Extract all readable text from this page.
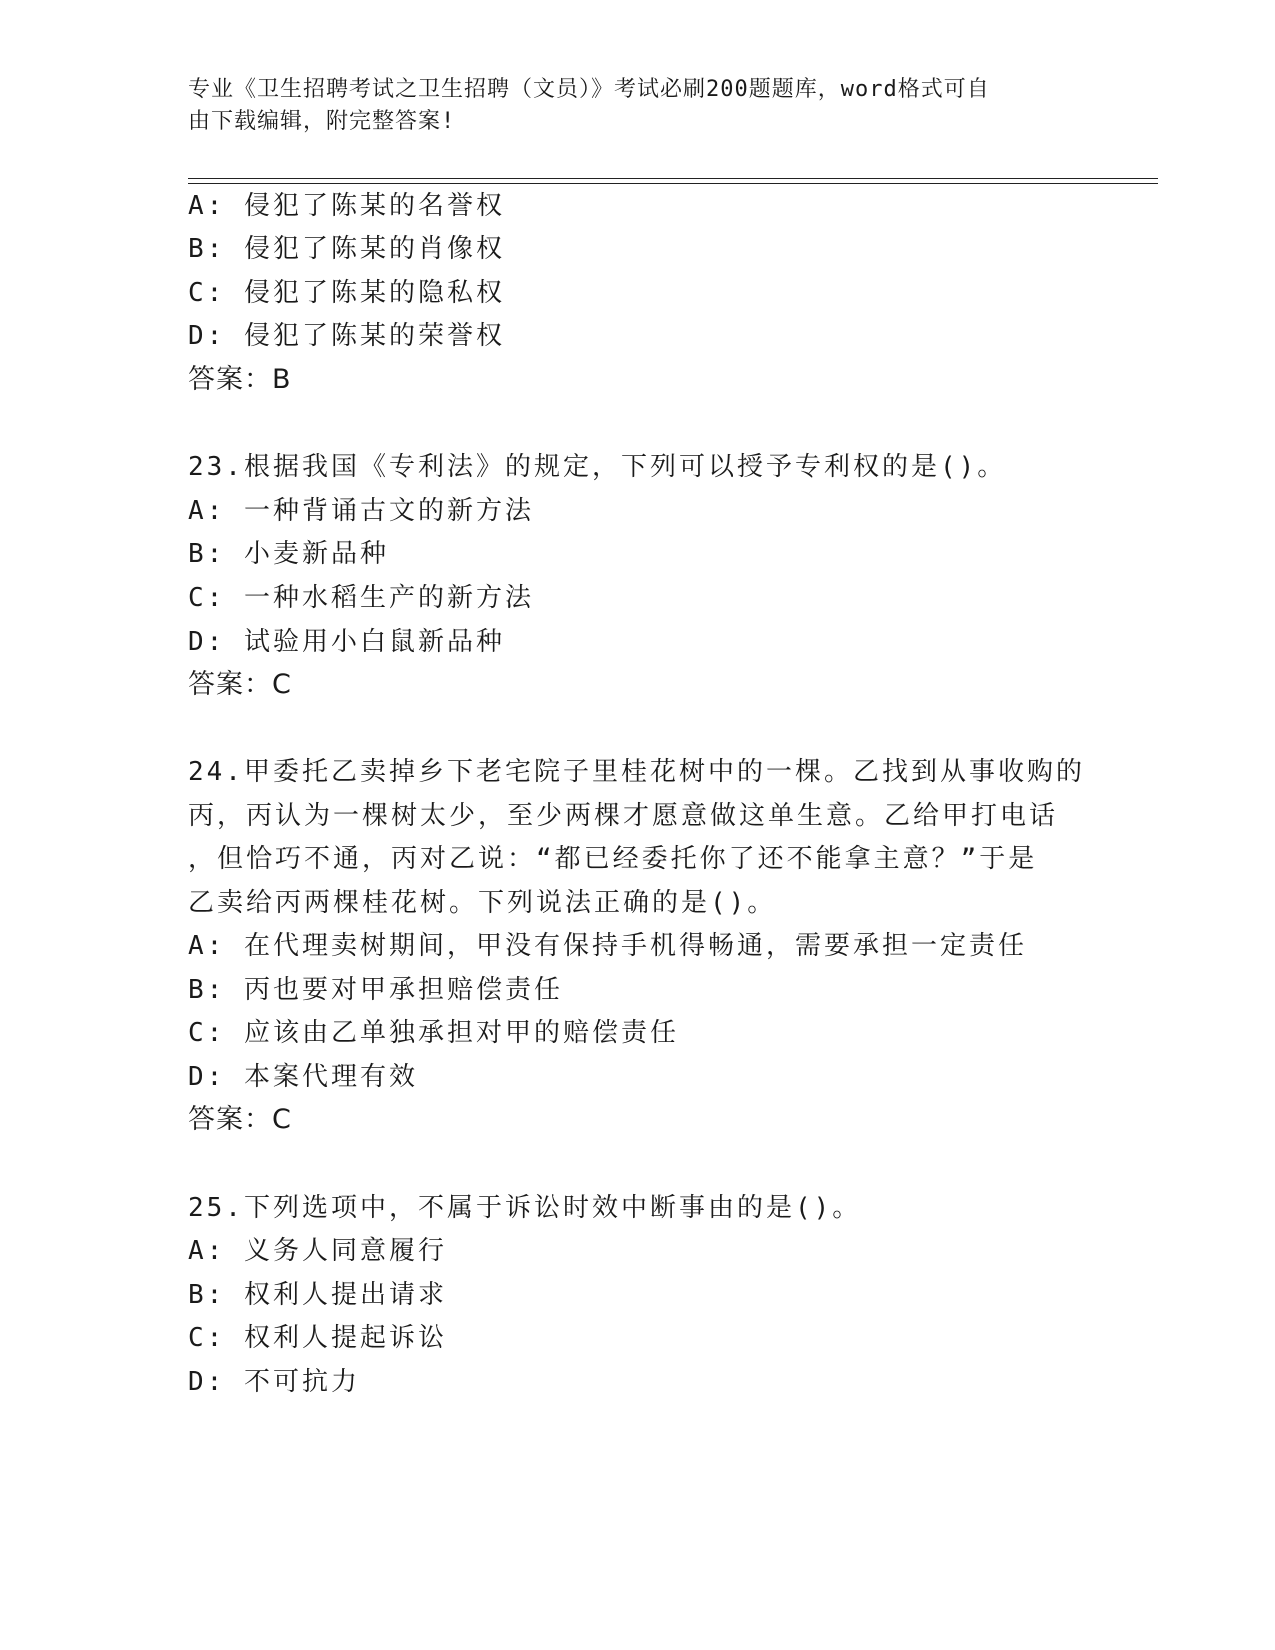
专业《卫生招聘考试之卫生招聘（文员）》考试必刷200题题库，word格式可自
由下载编辑，附完整答案!
A: 侵犯了陈某的名誉权
B: 侵犯了陈某的肖像权
C: 侵犯了陈某的隐私权
D: 侵犯了陈某的荣誉权
答案：B
23.根据我国《专利法》的规定，下列可以授予专利权的是()。
A: 一种背诵古文的新方法
B: 小麦新品种
C: 一种水稻生产的新方法
D: 试验用小白鼠新品种
答案：C
24.甲委托乙卖掉乡下老宅院子里桂花树中的一棵。乙找到从事收购的
丙，丙认为一棵树太少，至少两棵才愿意做这单生意。乙给甲打电话
，但恰巧不通，丙对乙说：“都已经委托你了还不能拿主意？”于是
乙卖给丙两棵桂花树。下列说法正确的是()。
A: 在代理卖树期间，甲没有保持手机得畅通，需要承担一定责任
B: 丙也要对甲承担赔偿责任
C: 应该由乙单独承担对甲的赔偿责任
D: 本案代理有效
答案：C
25.下列选项中，不属于诉讼时效中断事由的是()。
A: 义务人同意履行
B: 权利人提出请求
C: 权利人提起诉讼
D: 不可抗力
